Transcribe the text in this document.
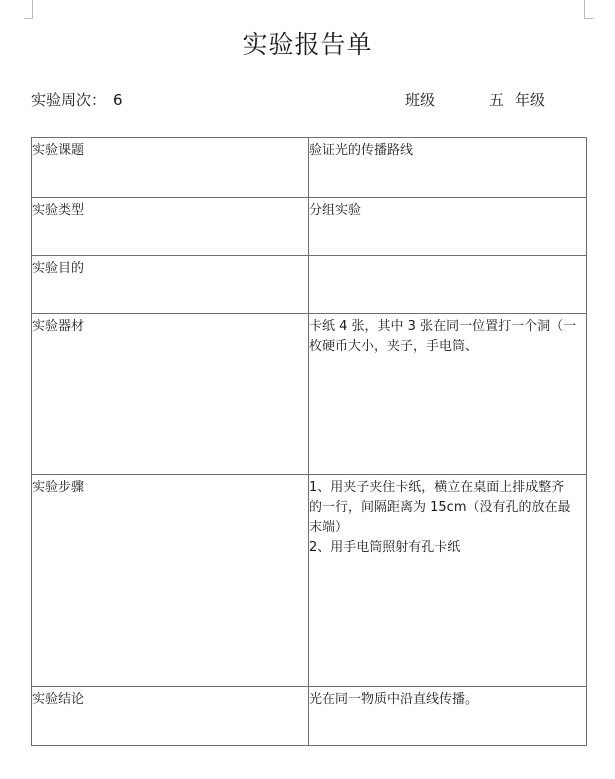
实验报告单
实验周次： 6	班级	五 年级
实验课题	验证光的传播路线

实验类型	分组实验

实验目的	
实验器材	卡纸 4 张，其中 3 张在同一位置打一个洞（一
枚硬币大小，夹子，手电筒、

实验步骤	1、用夹子夹住卡纸，横立在桌面上排成整齐
的一行，间隔距离为 15cm（没有孔的放在最
末端）
2、用手电筒照射有孔卡纸

实验结论	光在同一物质中沿直线传播。
